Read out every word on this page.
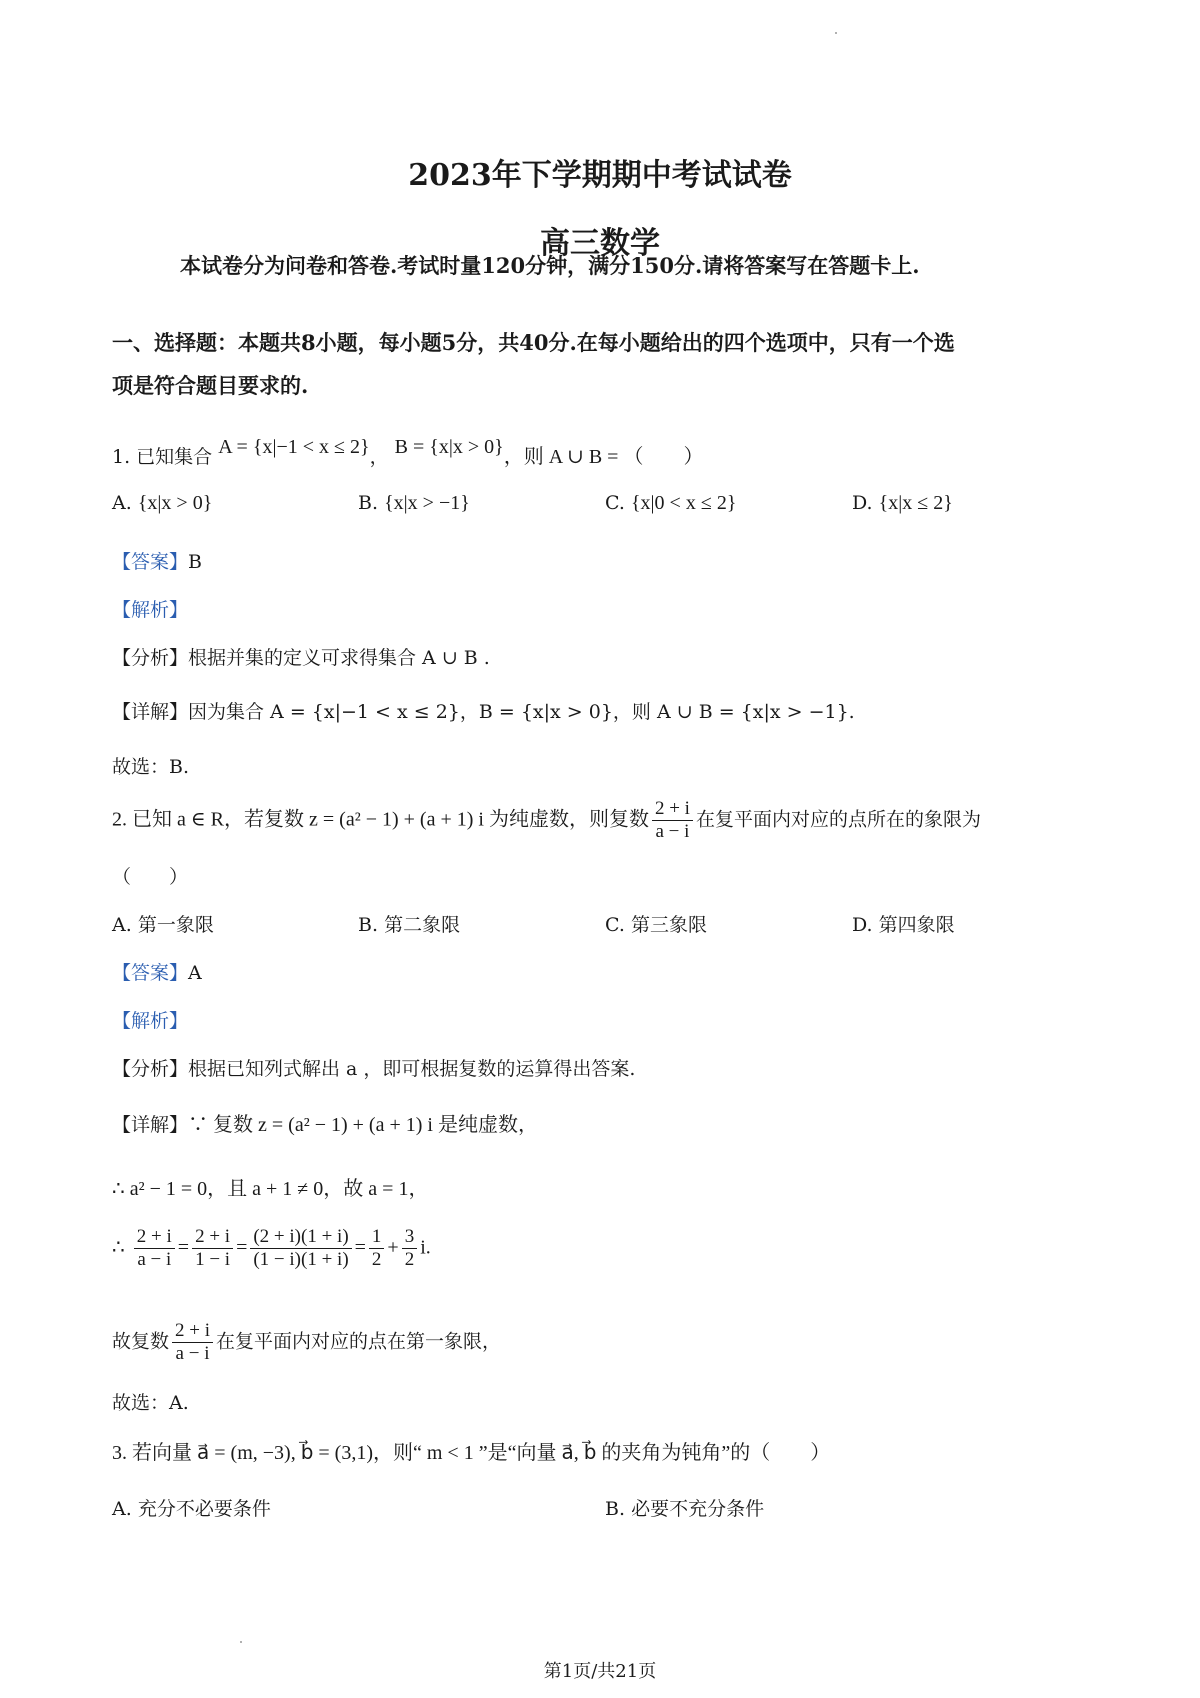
2023年下学期期中考试试卷
高三数学
本试卷分为问卷和答卷.考试时量120分钟，满分150分.请将答案写在答题卡上.
一、选择题：本题共8小题，每小题5分，共40分.在每小题给出的四个选项中，只有一个选
项是符合题目要求的.
1. 已知集合 A = {x|−1 < x ≤ 2}， B = {x|x > 0}，则 A ∪ B = （　　）
A. {x|x > 0}	B. {x|x > −1}	C. {x|0 < x ≤ 2}	D. {x|x ≤ 2}
【答案】B
【解析】
【分析】根据并集的定义可求得集合 A ∪ B .
【详解】因为集合 A = {x|−1 < x ≤ 2}，B = {x|x > 0}，则 A ∪ B = {x|x > −1}.
故选：B.
2. 已知 a ∈ R，若复数 z = (a² − 1) + (a + 1) i 为纯虚数，则复数 $\frac{2 + i}{a - i}$ 在复平面内对应的点所在的象限为
（　　）
A. 第一象限	B. 第二象限	C. 第三象限	D. 第四象限
【答案】A
【解析】
【分析】根据已知列式解出 a ，即可根据复数的运算得出答案.
【详解】∵ 复数 z = (a² − 1) + (a + 1) i 是纯虚数，
∴ a² − 1 = 0，且 a + 1 ≠ 0，故 a = 1，
∴ $\frac{2 + i}{a - i} = \frac{2 + i}{1 - i} = \frac{(2 + i)(1 + i)}{(1 - i)(1 + i)} = \frac{1}{2} + \frac{3}{2} i$.
故复数 $\frac{2 + i}{a - i}$ 在复平面内对应的点在第一象限，
故选：A.
3. 若向量 a⃗ = (m, −3), b⃗ = (3,1)，则“ m < 1 ”是“向量 a⃗, b⃗ 的夹角为钝角”的（　　）
A. 充分不必要条件	B. 必要不充分条件
第1页/共21页
